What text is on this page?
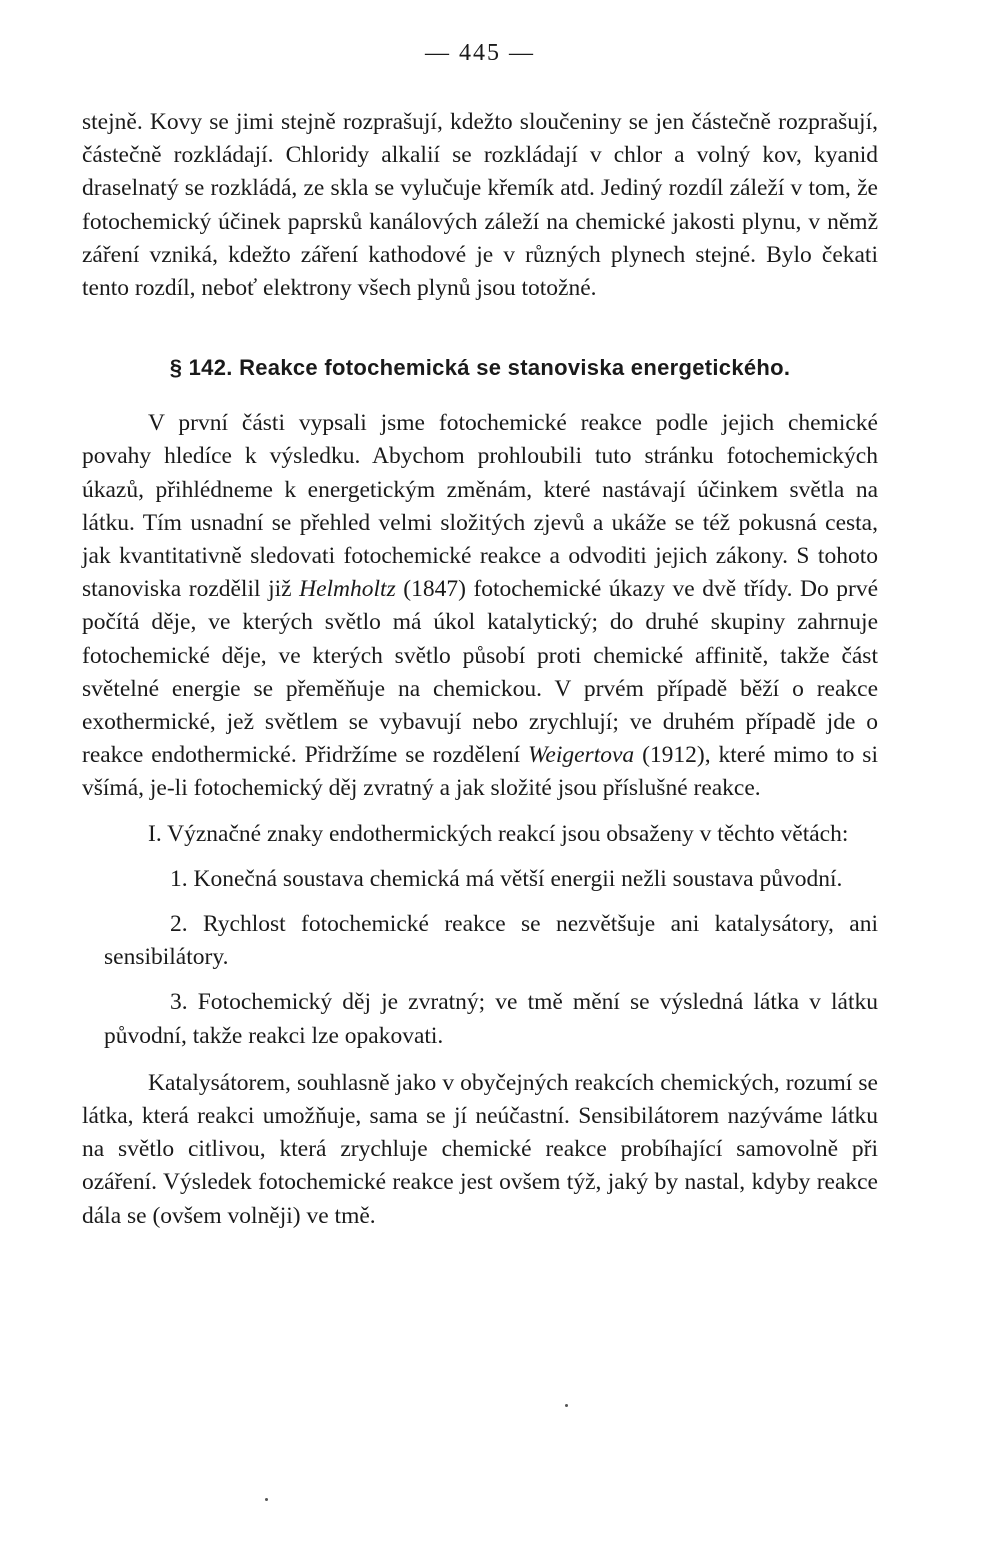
— 445 —

stejně. Kovy se jimi stejně rozprašují, kdežto sloučeniny se jen částečně rozprašují, částečně rozkládají. Chloridy alkalií se rozkládají v chlor a volný kov, kyanid draselnatý se rozkládá, ze skla se vylučuje křemík atd. Jediný rozdíl záleží v tom, že fotochemický účinek paprsků kanálových záleží na chemické jakosti plynu, v němž záření vzniká, kdežto záření kathodové je v různých plynech stejné. Bylo čekati tento rozdíl, neboť elektrony všech plynů jsou totožné.

§ 142. Reakce fotochemická se stanoviska energetického.

V první části vypsali jsme fotochemické reakce podle jejich chemické povahy hledíce k výsledku. Abychom prohloubili tuto stránku fotochemických úkazů, přihlédneme k energetickým změnám, které nastávají účinkem světla na látku. Tím usnadní se přehled velmi složitých zjevů a ukáže se též pokusná cesta, jak kvantitativně sledovati fotochemické reakce a odvoditi jejich zákony. S tohoto stanoviska rozdělil již Helmholtz (1847) fotochemické úkazy ve dvě třídy. Do prvé počítá děje, ve kterých světlo má úkol katalytický; do druhé skupiny zahrnuje fotochemické děje, ve kterých světlo působí proti chemické affinitě, takže část světelné energie se přeměňuje na chemickou. V prvém případě běží o reakce exothermické, jež světlem se vybavují nebo zrychlují; ve druhém případě jde o reakce endothermické. Přidržíme se rozdělení Weigertova (1912), které mimo to si všímá, je-li fotochemický děj zvratný a jak složité jsou příslušné reakce.

I. Význačné znaky endothermických reakcí jsou obsaženy v těchto větách:

1. Konečná soustava chemická má větší energii nežli soustava původní.

2. Rychlost fotochemické reakce se nezvětšuje ani katalysátory, ani sensibilátory.

3. Fotochemický děj je zvratný; ve tmě mění se výsledná látka v látku původní, takže reakci lze opakovati.

Katalysátorem, souhlasně jako v obyčejných reakcích chemických, rozumí se látka, která reakci umožňuje, sama se jí neúčastní. Sensibilátorem nazýváme látku na světlo citlivou, která zrychluje chemické reakce probíhající samovolně při ozáření. Výsledek fotochemické reakce jest ovšem týž, jaký by nastal, kdyby reakce dála se (ovšem volněji) ve tmě.
